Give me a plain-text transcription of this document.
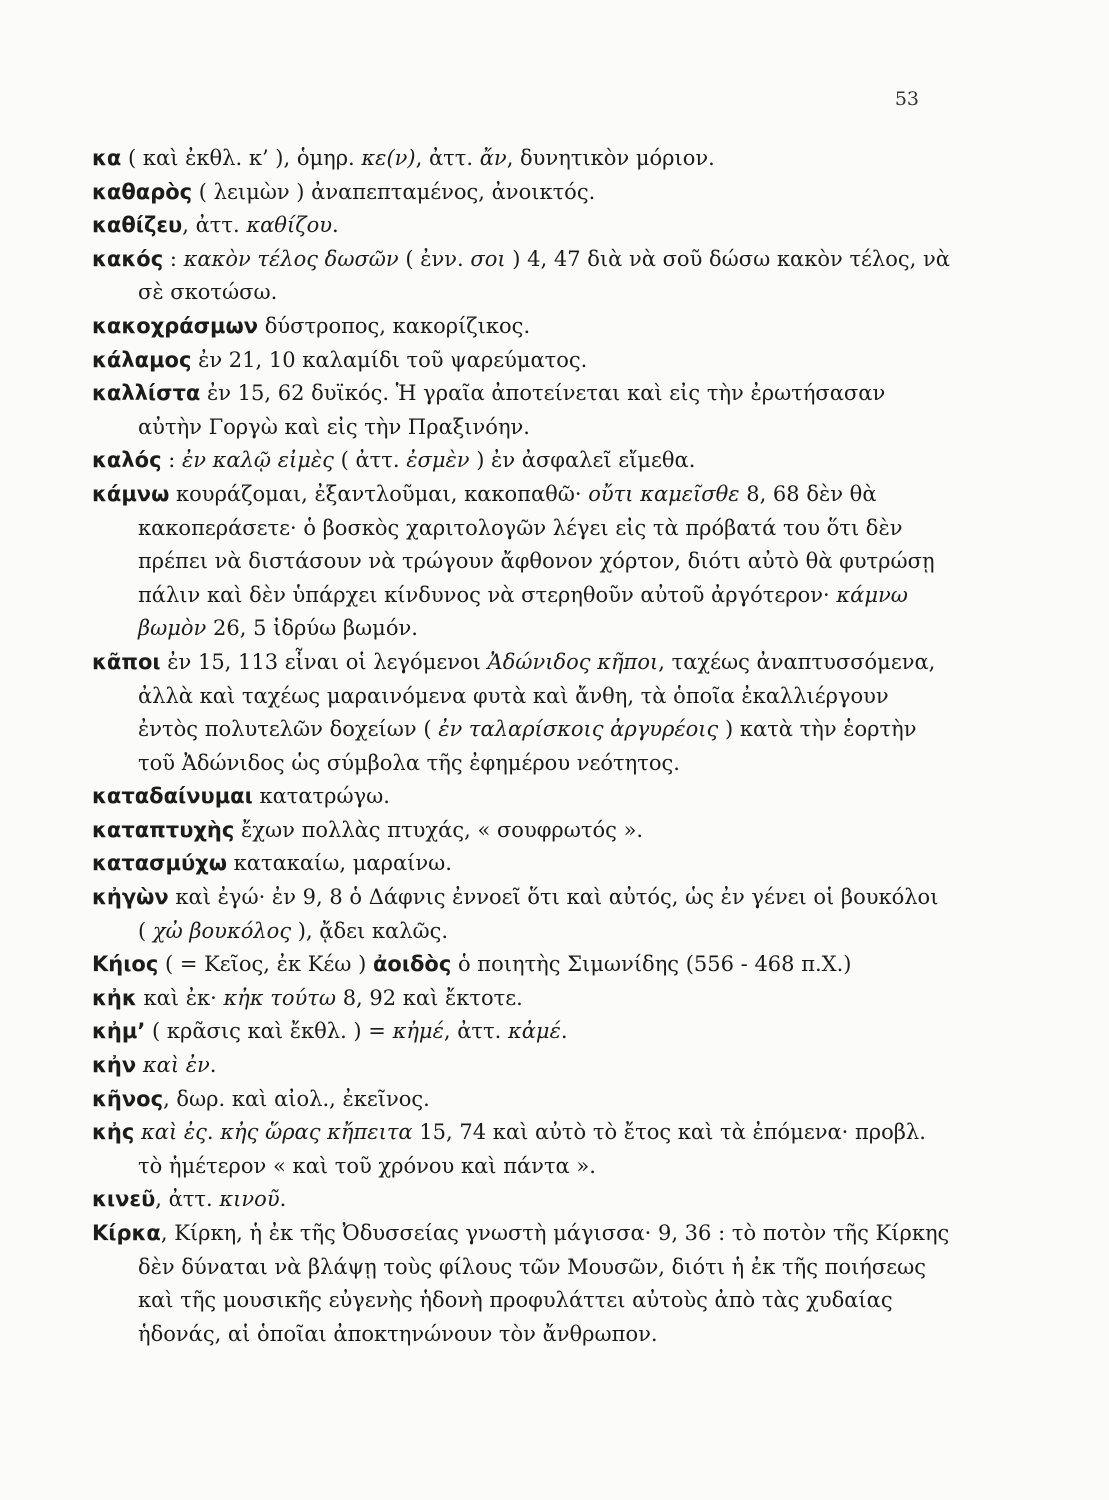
53
κα ( καὶ ἐκθλ. κ’ ), ὁμηρ. κε(ν), ἀττ. ἄν, δυνητικὸν μόριον.
καθαρὸς ( λειμὼν ) ἀναπεπταμένος, ἀνοικτός.
καθίζευ, ἀττ. καθίζου.
κακός : κακὸν τέλος δωσῶν ( ἐνν. σοι ) 4, 47 διὰ νὰ σοῦ δώσω κακὸν τέλος, νὰ σὲ σκοτώσω.
κακοχράσμων δύστροπος, κακορίζικος.
κάλαμος ἐν 21, 10 καλαμίδι τοῦ ψαρεύματος.
καλλίστα ἐν 15, 62 δυϊκός. Ἡ γραῖα ἀποτείνεται καὶ εἰς τὴν ἐρωτήσασαν αὐτὴν Γοργὼ καὶ εἰς τὴν Πραξινόην.
καλός : ἐν καλῷ εἰμὲς ( ἀττ. ἐσμὲν ) ἐν ἀσφαλεῖ εἴμεθα.
κάμνω κουράζομαι, ἐξαντλοῦμαι, κακοπαθῶ· οὔτι καμεῖσθε 8, 68 δὲν θὰ κακοπεράσετε· ὁ βοσκὸς χαριτολογῶν λέγει εἰς τὰ πρόβατά του ὅτι δὲν πρέπει νὰ διστάσουν νὰ τρώγουν ἄφθονον χόρτον, διότι αὐτὸ θὰ φυτρώσῃ πάλιν καὶ δὲν ὑπάρχει κίνδυνος νὰ στερηθοῦν αὐτοῦ ἀργότερον· κάμνω βωμὸν 26, 5 ἱδρύω βωμόν.
κᾶποι ἐν 15, 113 εἶναι οἱ λεγόμενοι Ἀδώνιδος κῆποι, ταχέως ἀναπτυσσόμενα, ἀλλὰ καὶ ταχέως μαραινόμενα φυτὰ καὶ ἄνθη, τὰ ὁποῖα ἐκαλλιέργουν ἐντὸς πολυτελῶν δοχείων ( ἐν ταλαρίσκοις ἀργυρέοις ) κατὰ τὴν ἑορτὴν τοῦ Ἀδώνιδος ὡς σύμβολα τῆς ἐφημέρου νεότητος.
καταδαίνυμαι κατατρώγω.
καταπτυχὴς ἔχων πολλὰς πτυχάς, « σουφρωτός ».
κατασμύχω κατακαίω, μαραίνω.
κἠγὼν καὶ ἐγώ· ἐν 9, 8 ὁ Δάφνις ἐννοεῖ ὅτι καὶ αὐτός, ὡς ἐν γένει οἱ βουκόλοι ( χὠ βουκόλος ), ᾄδει καλῶς.
Κήιος ( = Κεῖος, ἐκ Κέω ) ἀοιδὸς ὁ ποιητὴς Σιμωνίδης (556 - 468 π.Χ.)
κἠκ καὶ ἐκ· κἠκ τούτω 8, 92 καὶ ἔκτοτε.
κἠμ’ ( κρᾶσις καὶ ἔκθλ. ) = κἠμέ, ἀττ. κἀμέ.
κἠν καὶ ἐν.
κῆνος, δωρ. καὶ αἰολ., ἐκεῖνος.
κἠς καὶ ἐς. κἠς ὥρας κἤπειτα 15, 74 καὶ αὐτὸ τὸ ἔτος καὶ τὰ ἐπόμενα· προβλ. τὸ ἡμέτερον « καὶ τοῦ χρόνου καὶ πάντα ».
κινεῦ, ἀττ. κινοῦ.
Κίρκα, Κίρκη, ἡ ἐκ τῆς Ὀδυσσείας γνωστὴ μάγισσα· 9, 36 : τὸ ποτὸν τῆς Κίρκης δὲν δύναται νὰ βλάψῃ τοὺς φίλους τῶν Μουσῶν, διότι ἡ ἐκ τῆς ποιήσεως καὶ τῆς μουσικῆς εὐγενὴς ἡδονὴ προφυλάττει αὐτοὺς ἀπὸ τὰς χυδαίας ἡδονάς, αἱ ὁποῖαι ἀποκτηνώνουν τὸν ἄνθρωπον.
